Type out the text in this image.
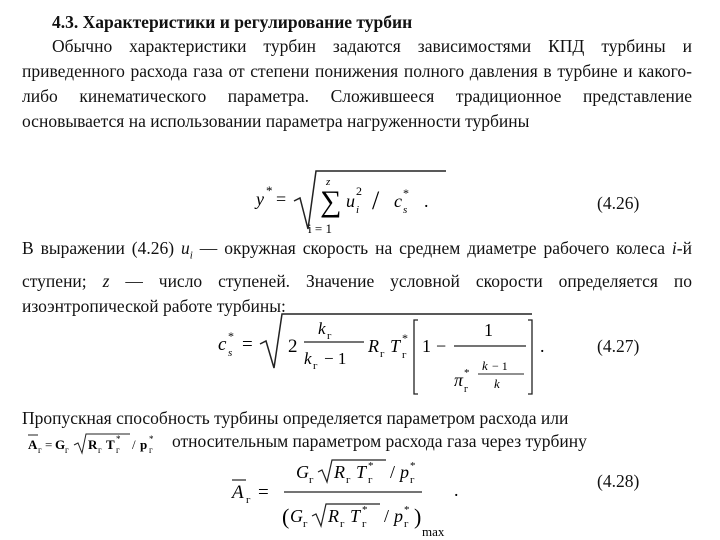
4.3. Характеристики и регулирование турбин
Обычно характеристики турбин задаются зависимостями КПД турбины и приведенного расхода газа от степени понижения полного давления в турбине и какого-либо кинематического параметра. Сложившееся традиционное представление основывается на использовании параметра нагруженности турбины
y * =
z
∑
i = 1
u i
2 / c *
s .	(4.26)
В выражении (4.26) $u_i$ — окружная скорость на среднем диаметре рабочего колеса i-й ступени; z — число ступеней. Значение условной скорости определяется по изоэнтропической работе турбины:
c *
s = 2
k г
k г − 1
R г T *
г 1 −
1
π *
г
k − 1
k
.	(4.27)
Пропускная способность турбины определяется параметром расхода или
A г = G г R г T *
г / p *
г относительным параметром расхода газа через турбину
A г =
G г R г T *
г / p *
г
( G г R г T *
г / p *
г )
max
.	(4.28)
